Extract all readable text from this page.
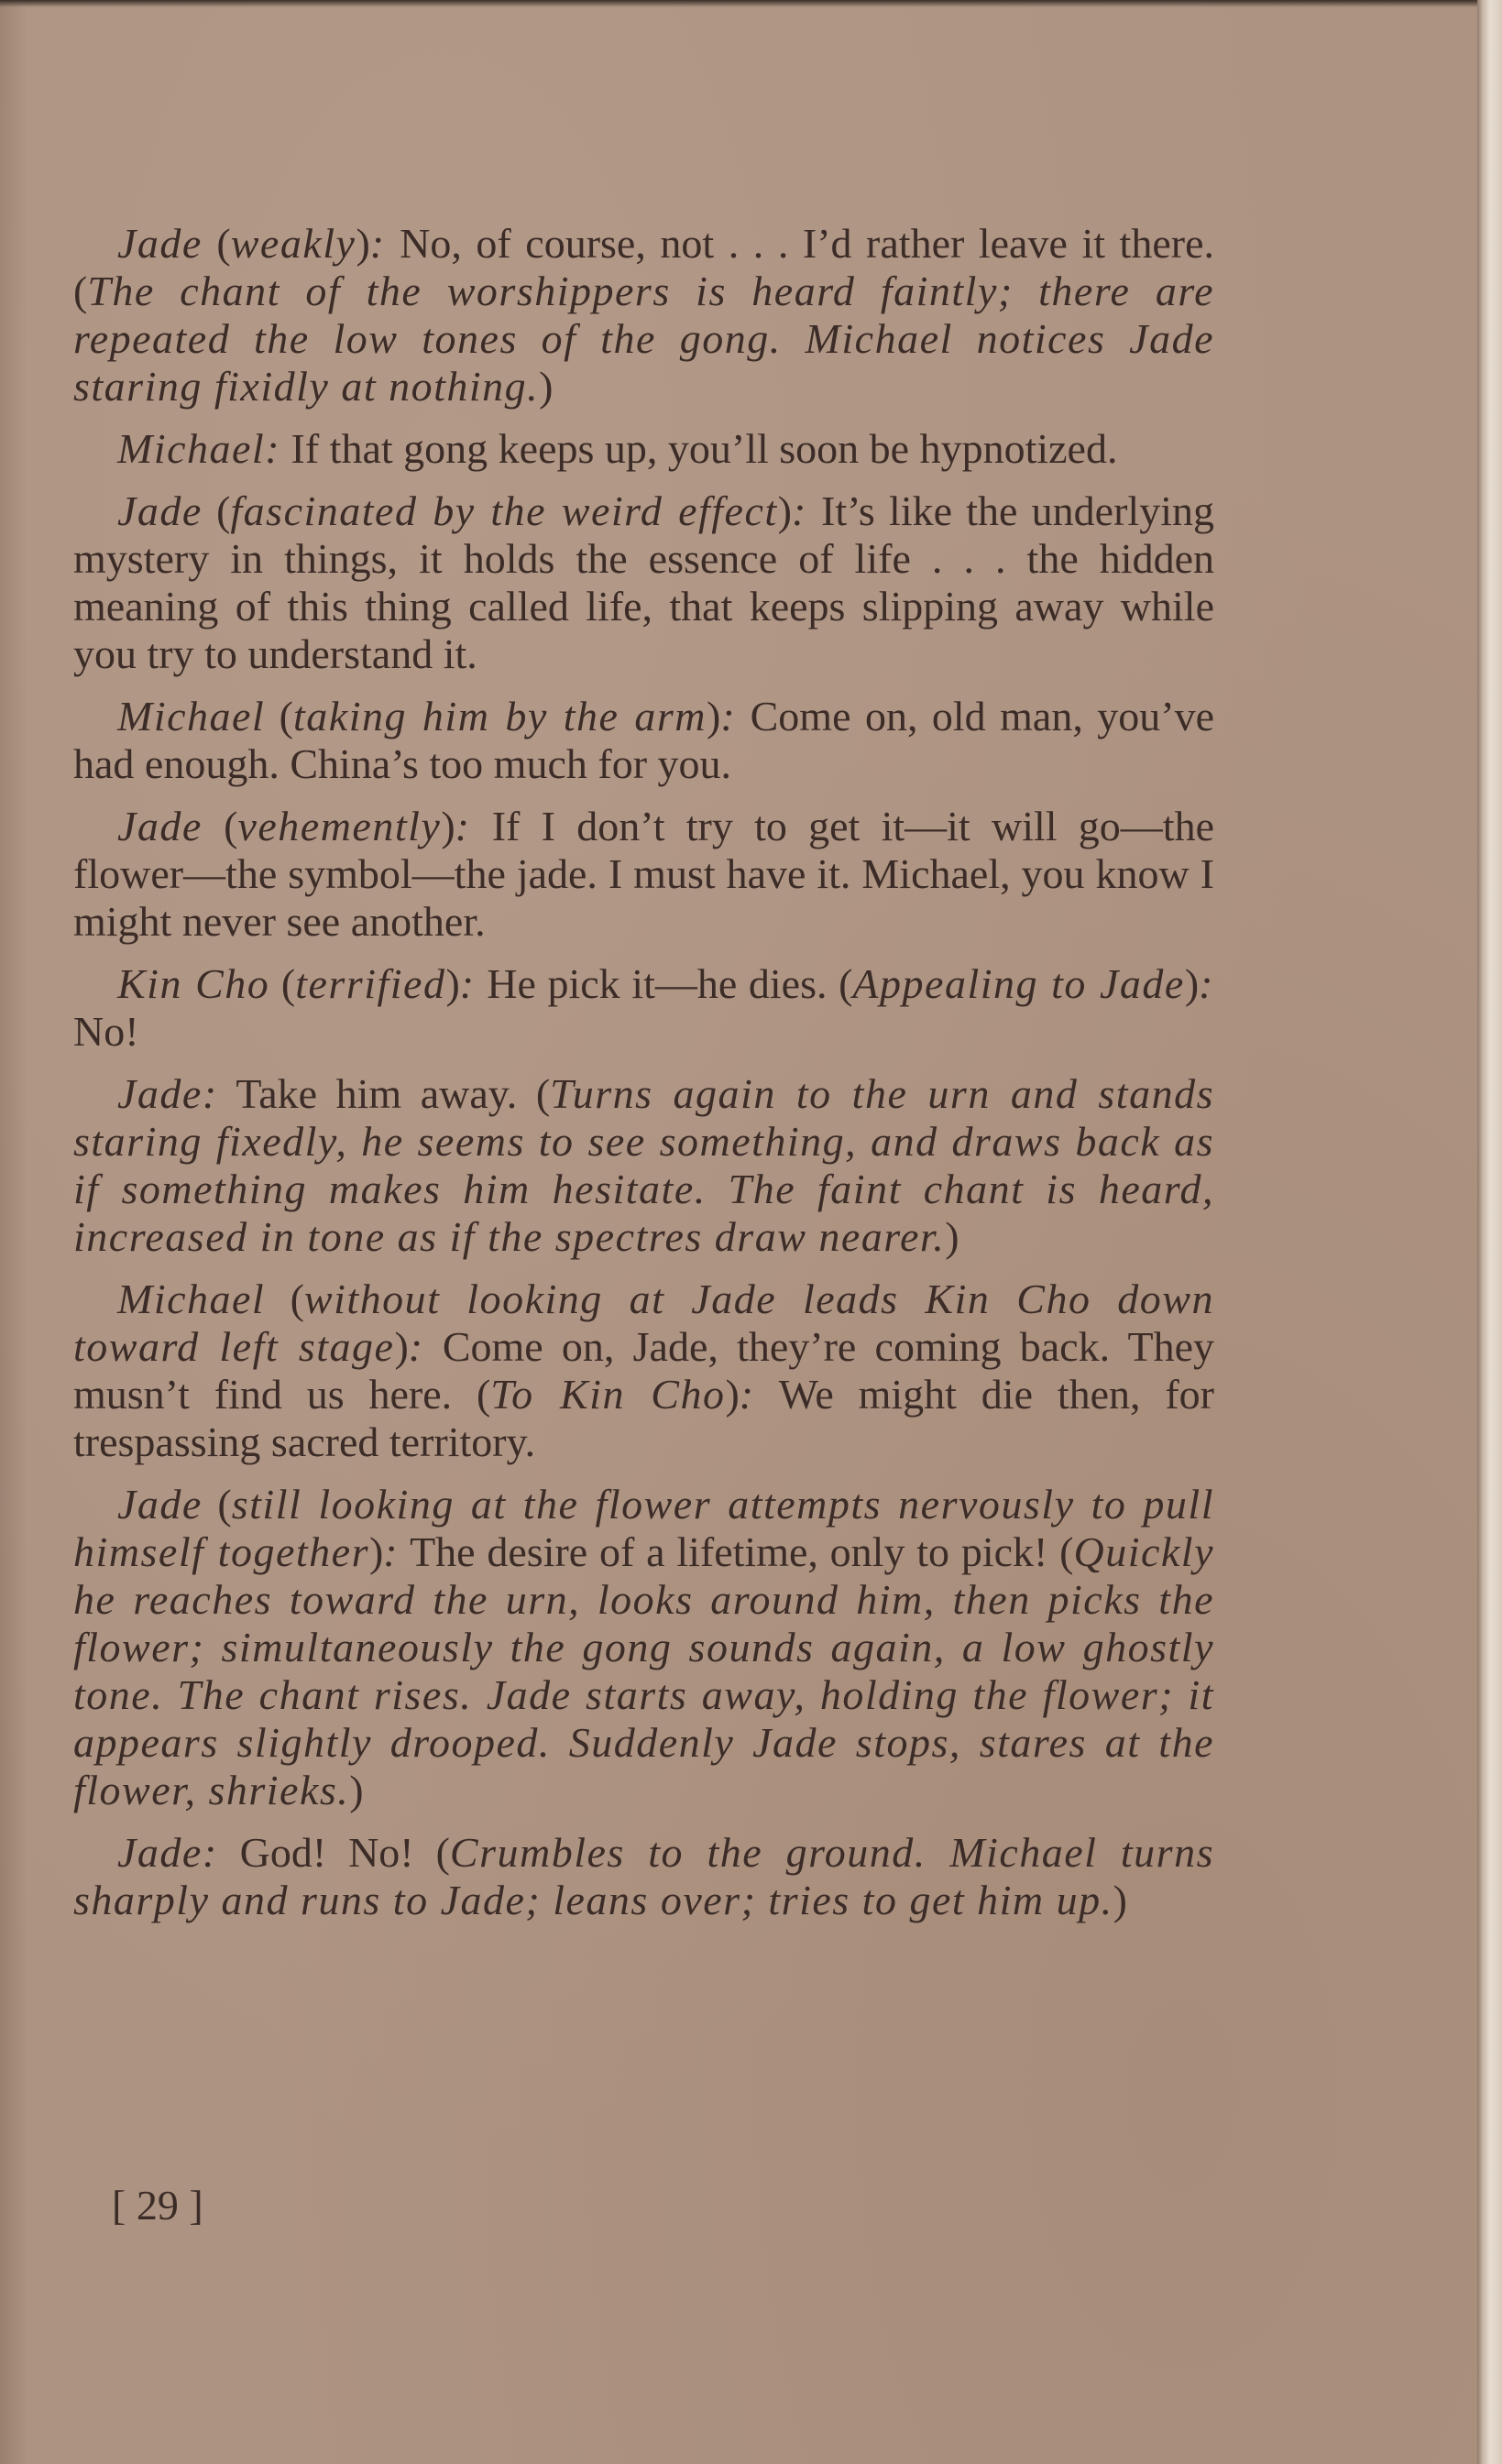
Jade (weakly): No, of course, not . . . I’d rather leave it there. (The chant of the worshippers is heard faintly; there are repeated the low tones of the gong. Michael notices Jade staring fixidly at nothing.)

Michael: If that gong keeps up, you’ll soon be hypnotized.

Jade (fascinated by the weird effect): It’s like the underlying mystery in things, it holds the essence of life . . . the hidden meaning of this thing called life, that keeps slipping away while you try to understand it.

Michael (taking him by the arm): Come on, old man, you’ve had enough. China’s too much for you.

Jade (vehemently): If I don’t try to get it—it will go—the flower—the symbol—the jade. I must have it. Michael, you know I might never see another.

Kin Cho (terrified): He pick it—he dies. (Appealing to Jade): No!

Jade: Take him away. (Turns again to the urn and stands staring fixedly, he seems to see something, and draws back as if something makes him hesitate. The faint chant is heard, increased in tone as if the spectres draw nearer.)

Michael (without looking at Jade leads Kin Cho down toward left stage): Come on, Jade, they’re coming back. They musn’t find us here. (To Kin Cho): We might die then, for trespassing sacred territory.

Jade (still looking at the flower attempts nervously to pull himself together): The desire of a lifetime, only to pick! (Quickly he reaches toward the urn, looks around him, then picks the flower; simultaneously the gong sounds again, a low ghostly tone. The chant rises. Jade starts away, holding the flower; it appears slightly drooped. Suddenly Jade stops, stares at the flower, shrieks.)

Jade: God! No! (Crumbles to the ground. Michael turns sharply and runs to Jade; leans over; tries to get him up.)

[ 29 ]
